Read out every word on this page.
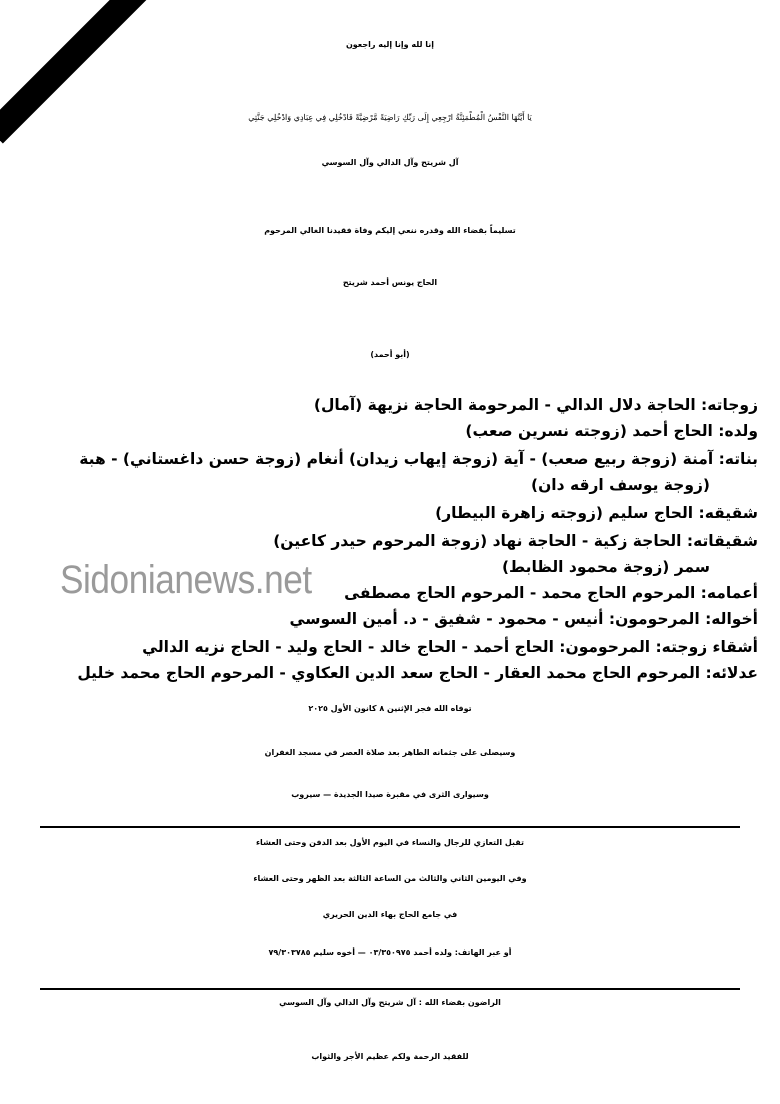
إنا لله وإنا إليه راجعون
يَا أَيَّتُهَا النَّفْسُ الْمُطْمَئِنَّةُ ارْجِعِي إِلَى رَبِّكِ رَاضِيَةً مَّرْضِيَّةً فَادْخُلِي فِي عِبَادِي وَادْخُلِي جَنَّتِي
آل شريتح وآل الدالي وآل السوسي
تسليماً بقضاء الله وقدره ننعي إليكم وفاة فقيدنا الغالي المرحوم
الحاج يونس أحمد شريتح
(أبو أحمد)
زوجاته: الحاجة دلال الدالي - المرحومة الحاجة نزيهة (آمال)
ولده: الحاج أحمد (زوجته نسرين صعب)
بناته: آمنة (زوجة ربيع صعب) - آية (زوجة إيهاب زيدان) أنغام (زوجة حسن داغستاني) - هبة
(زوجة يوسف ارقه دان)
شقيقه: الحاج سليم (زوجته زاهرة البيطار)
شقيقاته: الحاجة زكية - الحاجة نهاد (زوجة المرحوم حيدر كاعين)
سمر (زوجة محمود الظابط)
أعمامه: المرحوم الحاج محمد - المرحوم الحاج مصطفى
أخواله: المرحومون: أنيس - محمود - شفيق - د. أمين السوسي
أشقاء زوجته: المرحومون: الحاج أحمد - الحاج خالد - الحاج وليد - الحاج نزيه الدالي
عدلائه: المرحوم الحاج محمد العقار - الحاج سعد الدين العكاوي - المرحوم الحاج محمد خليل
توفاه الله فجر الإثنين ٨ كانون الأول ٢٠٢٥
وسيصلى على جثمانه الطاهر بعد صلاة العصر في مسجد الغفران
وسيوارى الثرى في مقبرة صيدا الجديدة — سيروب
تقبل التعازي للرجال والنساء في اليوم الأول بعد الدفن وحتى العشاء
وفي اليومين الثاني والثالث من الساعة الثالثة بعد الظهر وحتى العشاء
في جامع الحاج بهاء الدين الحريري
أو عبر الهاتف: ولده أحمد ٠٣/٣٥٠٩٧٥ — أخوه سليم ٧٩/٣٠٣٧٨٥
الراضون بقضاء الله : آل شريتح وآل الدالي وآل السوسي
للفقيد الرحمة ولكم عظيم الأجر والثواب
Sidonianews.net
